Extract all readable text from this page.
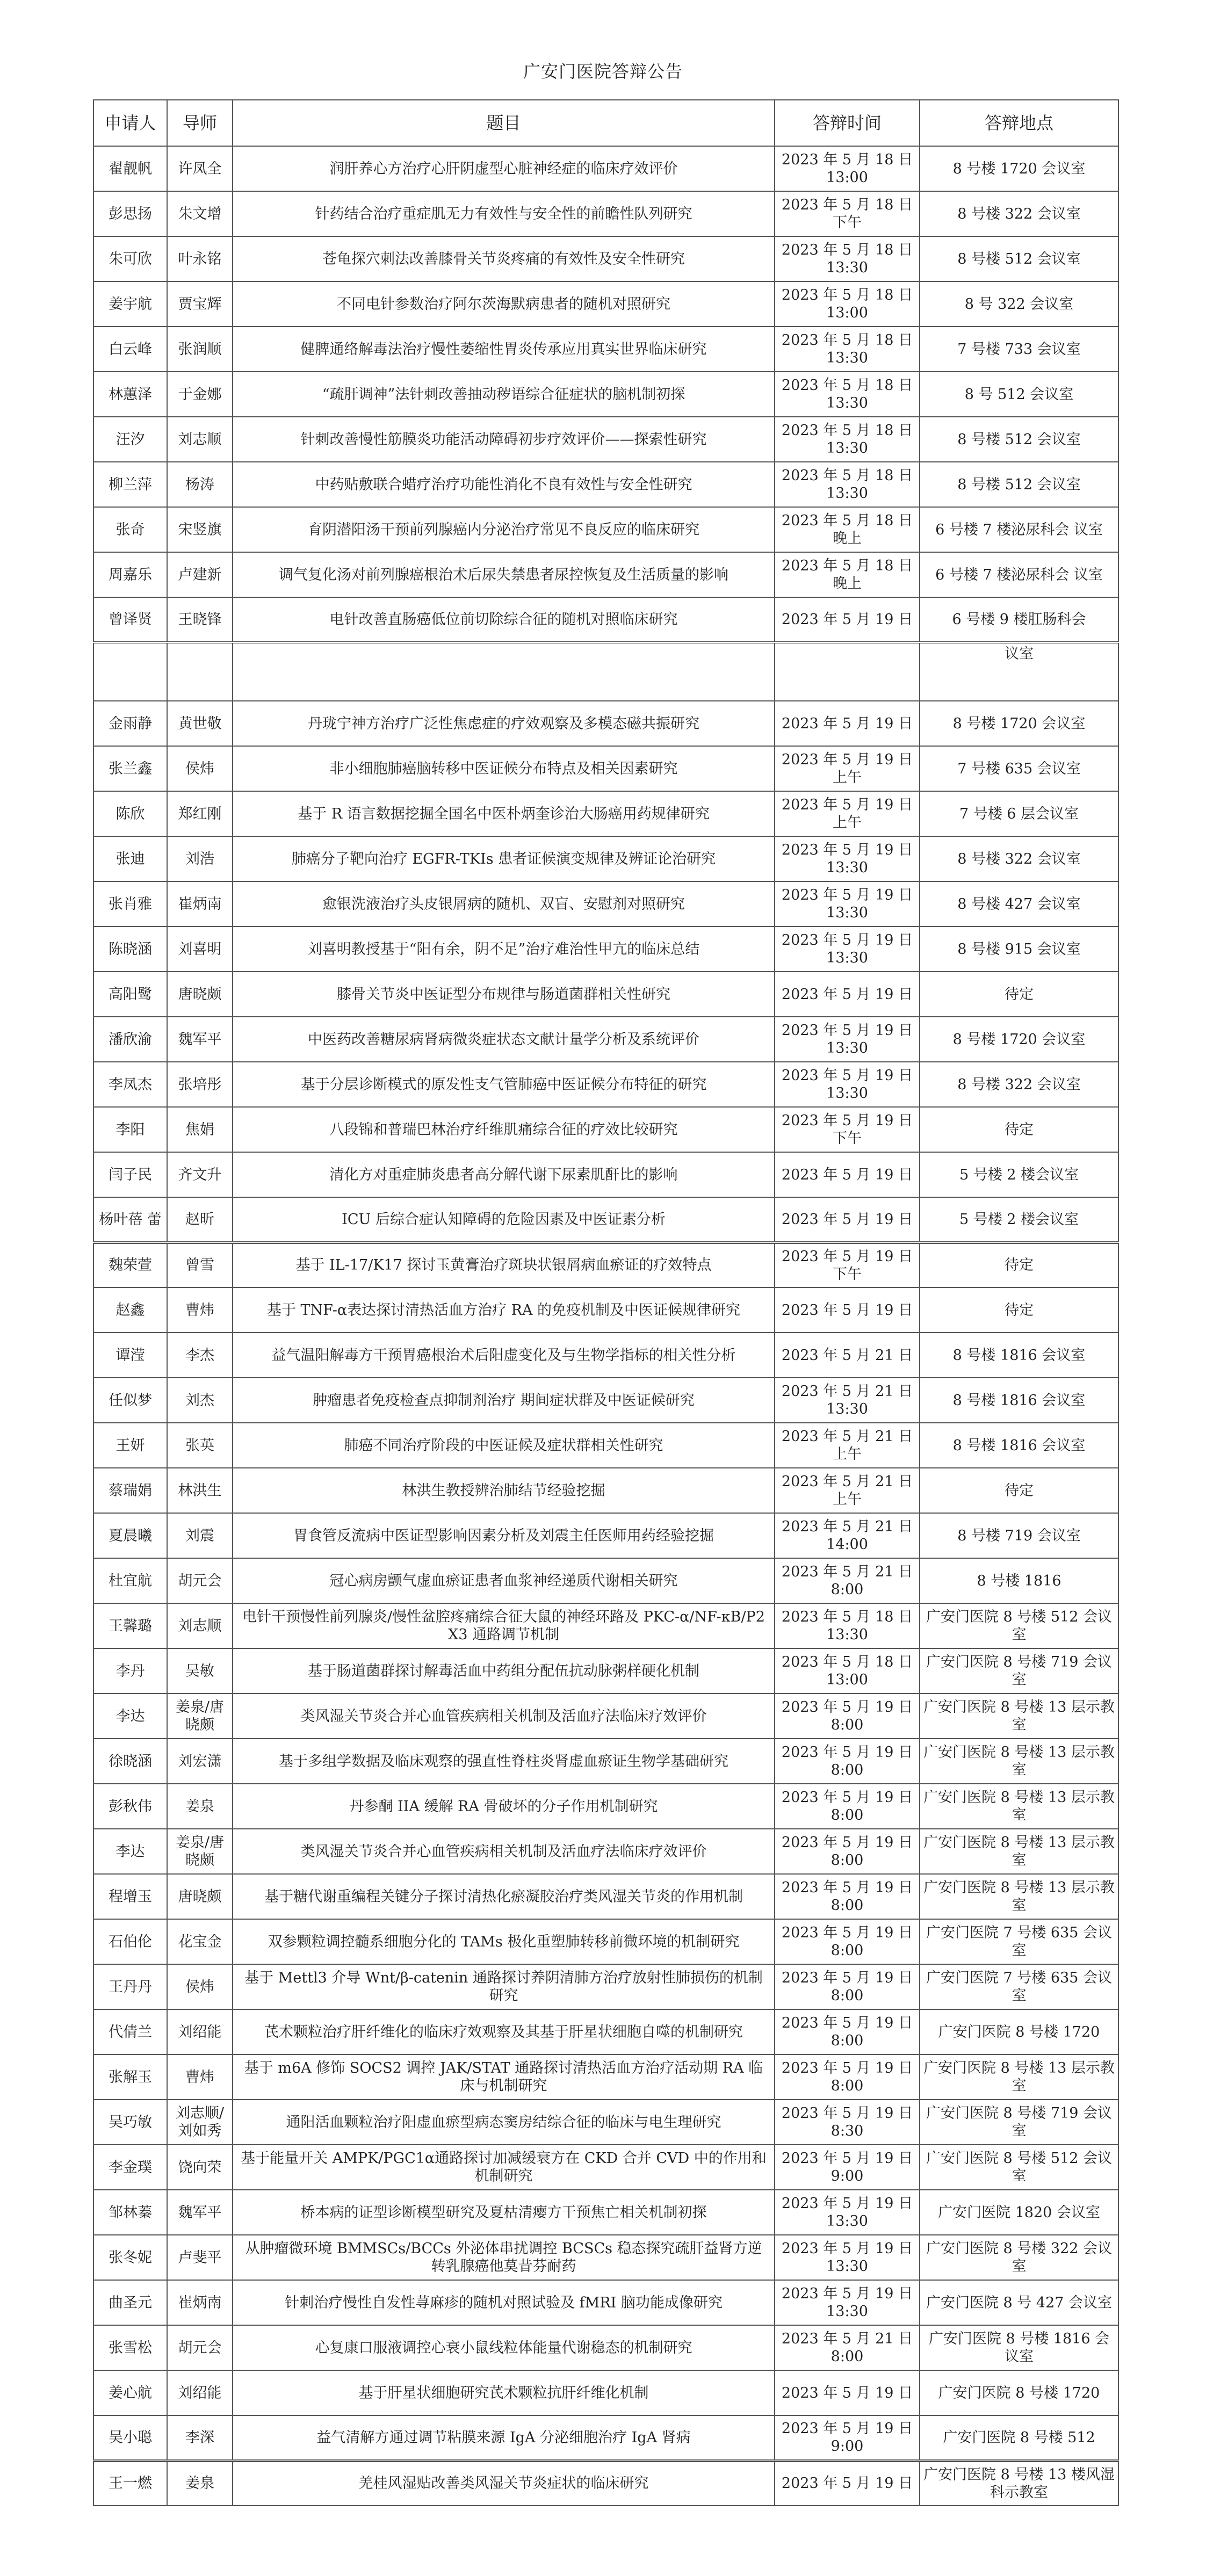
广安门医院答辩公告
申请人	导师	题目	答辩时间	答辩地点
翟靓帆	许凤全	润肝养心方治疗心肝阴虚型心脏神经症的临床疗效评价	2023 年 5 月 18 日 13:00	8 号楼 1720 会议室
彭思扬	朱文增	针药结合治疗重症肌无力有效性与安全性的前瞻性队列研究	2023 年 5 月 18 日 下午	8 号楼 322 会议室
朱可欣	叶永铭	苍龟探穴刺法改善膝骨关节炎疼痛的有效性及安全性研究	2023 年 5 月 18 日 13:30	8 号楼 512 会议室
姜宇航	贾宝辉	不同电针参数治疗阿尔茨海默病患者的随机对照研究	2023 年 5 月 18 日 13:00	8 号 322 会议室
白云峰	张润顺	健脾通络解毒法治疗慢性萎缩性胃炎传承应用真实世界临床研究	2023 年 5 月 18 日 13:30	7 号楼 733 会议室
林蕙泽	于金娜	“疏肝调神”法针刺改善抽动秽语综合征症状的脑机制初探	2023 年 5 月 18 日 13:30	8 号 512 会议室
汪汐	刘志顺	针刺改善慢性筋膜炎功能活动障碍初步疗效评价——探索性研究	2023 年 5 月 18 日 13:30	8 号楼 512 会议室
柳兰萍	杨涛	中药贴敷联合蜡疗治疗功能性消化不良有效性与安全性研究	2023 年 5 月 18 日 13:30	8 号楼 512 会议室
张奇	宋竖旗	育阴潜阳汤干预前列腺癌内分泌治疗常见不良反应的临床研究	2023 年 5 月 18 日 晚上	6 号楼 7 楼泌尿科会 议室
周嘉乐	卢建新	调气复化汤对前列腺癌根治术后尿失禁患者尿控恢复及生活质量的影响	2023 年 5 月 18 日 晚上	6 号楼 7 楼泌尿科会 议室
曾译贤	王晓锋	电针改善直肠癌低位前切除综合征的随机对照临床研究	2023 年 5 月 19 日	6 号楼 9 楼肛肠科会
				议室
金雨静	黄世敬	丹珑宁神方治疗广泛性焦虑症的疗效观察及多模态磁共振研究	2023 年 5 月 19 日	8 号楼 1720 会议室
张兰鑫	侯炜	非小细胞肺癌脑转移中医证候分布特点及相关因素研究	2023 年 5 月 19 日 上午	7 号楼 635 会议室
陈欣	郑红刚	基于 R 语言数据挖掘全国名中医朴炳奎诊治大肠癌用药规律研究	2023 年 5 月 19 日 上午	7 号楼 6 层会议室
张迪	刘浩	肺癌分子靶向治疗 EGFR-TKIs 患者证候演变规律及辨证论治研究	2023 年 5 月 19 日 13:30	8 号楼 322 会议室
张肖雅	崔炳南	愈银洗液治疗头皮银屑病的随机、双盲、安慰剂对照研究	2023 年 5 月 19 日 13:30	8 号楼 427 会议室
陈晓涵	刘喜明	刘喜明教授基于“阳有余，阴不足”治疗难治性甲亢的临床总结	2023 年 5 月 19 日 13:30	8 号楼 915 会议室
高阳鹭	唐晓颇	膝骨关节炎中医证型分布规律与肠道菌群相关性研究	2023 年 5 月 19 日	待定
潘欣渝	魏军平	中医药改善糖尿病肾病微炎症状态文献计量学分析及系统评价	2023 年 5 月 19 日 13:30	8 号楼 1720 会议室
李凤杰	张培彤	基于分层诊断模式的原发性支气管肺癌中医证候分布特征的研究	2023 年 5 月 19 日 13:30	8 号楼 322 会议室
李阳	焦娟	八段锦和普瑞巴林治疗纤维肌痛综合征的疗效比较研究	2023 年 5 月 19 日 下午	待定
闫子民	齐文升	清化方对重症肺炎患者高分解代谢下尿素肌酐比的影响	2023 年 5 月 19 日	5 号楼 2 楼会议室
杨叶蓓 蕾	赵昕	ICU 后综合症认知障碍的危险因素及中医证素分析	2023 年 5 月 19 日	5 号楼 2 楼会议室
魏荣萱	曾雪	基于 IL-17/K17 探讨玉黄膏治疗斑块状银屑病血瘀证的疗效特点	2023 年 5 月 19 日 下午	待定
赵鑫	曹炜	基于 TNF-α表达探讨清热活血方治疗 RA 的免疫机制及中医证候规律研究	2023 年 5 月 19 日	待定
谭滢	李杰	益气温阳解毒方干预胃癌根治术后阳虚变化及与生物学指标的相关性分析	2023 年 5 月 21 日	8 号楼 1816 会议室
任似梦	刘杰	肿瘤患者免疫检查点抑制剂治疗 期间症状群及中医证候研究	2023 年 5 月 21 日 13:30	8 号楼 1816 会议室
王妍	张英	肺癌不同治疗阶段的中医证候及症状群相关性研究	2023 年 5 月 21 日 上午	8 号楼 1816 会议室
蔡瑞娟	林洪生	林洪生教授辨治肺结节经验挖掘	2023 年 5 月 21 日 上午	待定
夏晨曦	刘震	胃食管反流病中医证型影响因素分析及刘震主任医师用药经验挖掘	2023 年 5 月 21 日 14:00	8 号楼 719 会议室
杜宜航	胡元会	冠心病房颤气虚血瘀证患者血浆神经递质代谢相关研究	2023 年 5 月 21 日 8:00	8 号楼 1816
王馨璐	刘志顺	电针干预慢性前列腺炎/慢性盆腔疼痛综合征大鼠的神经环路及 PKC-α/NF-κB/P2X3 通路调节机制	2023 年 5 月 18 日 13:30	广安门医院 8 号楼 512 会议室
李丹	吴敏	基于肠道菌群探讨解毒活血中药组分配伍抗动脉粥样硬化机制	2023 年 5 月 18 日 13:00	广安门医院 8 号楼 719 会议室
李达	姜泉/唐晓颇	类风湿关节炎合并心血管疾病相关机制及活血疗法临床疗效评价	2023 年 5 月 19 日 8:00	广安门医院 8 号楼 13 层示教室
徐晓涵	刘宏潇	基于多组学数据及临床观察的强直性脊柱炎肾虚血瘀证生物学基础研究	2023 年 5 月 19 日 8:00	广安门医院 8 号楼 13 层示教室
彭秋伟	姜泉	丹参酮 IIA 缓解 RA 骨破坏的分子作用机制研究	2023 年 5 月 19 日 8:00	广安门医院 8 号楼 13 层示教室
李达	姜泉/唐晓颇	类风湿关节炎合并心血管疾病相关机制及活血疗法临床疗效评价	2023 年 5 月 19 日 8:00	广安门医院 8 号楼 13 层示教室
程增玉	唐晓颇	基于糖代谢重编程关键分子探讨清热化瘀凝胶治疗类风湿关节炎的作用机制	2023 年 5 月 19 日 8:00	广安门医院 8 号楼 13 层示教室
石伯伦	花宝金	双参颗粒调控髓系细胞分化的 TAMs 极化重塑肺转移前微环境的机制研究	2023 年 5 月 19 日 8:00	广安门医院 7 号楼 635 会议室
王丹丹	侯炜	基于 Mettl3 介导 Wnt/β-catenin 通路探讨养阴清肺方治疗放射性肺损伤的机制研究	2023 年 5 月 19 日 8:00	广安门医院 7 号楼 635 会议室
代倩兰	刘绍能	芪术颗粒治疗肝纤维化的临床疗效观察及其基于肝星状细胞自噬的机制研究	2023 年 5 月 19 日 8:00	广安门医院 8 号楼 1720
张解玉	曹炜	基于 m6A 修饰 SOCS2 调控 JAK/STAT 通路探讨清热活血方治疗活动期 RA 临床与机制研究	2023 年 5 月 19 日 8:00	广安门医院 8 号楼 13 层示教室
吴巧敏	刘志顺/刘如秀	通阳活血颗粒治疗阳虚血瘀型病态窦房结综合征的临床与电生理研究	2023 年 5 月 19 日 8:30	广安门医院 8 号楼 719 会议室
李金璞	饶向荣	基于能量开关 AMPK/PGC1α通路探讨加减缓衰方在 CKD 合并 CVD 中的作用和机制研究	2023 年 5 月 19 日 9:00	广安门医院 8 号楼 512 会议室
邹林蓁	魏军平	桥本病的证型诊断模型研究及夏枯清瘿方干预焦亡相关机制初探	2023 年 5 月 19 日 13:30	广安门医院 1820 会议室
张冬妮	卢斐平	从肿瘤微环境 BMMSCs/BCCs 外泌体串扰调控 BCSCs 稳态探究疏肝益肾方逆转乳腺癌他莫昔芬耐药	2023 年 5 月 19 日 13:30	广安门医院 8 号楼 322 会议室
曲圣元	崔炳南	针刺治疗慢性自发性荨麻疹的随机对照试验及 fMRI 脑功能成像研究	2023 年 5 月 19 日 13:30	广安门医院 8 号 427 会议室
张雪松	胡元会	心复康口服液调控心衰小鼠线粒体能量代谢稳态的机制研究	2023 年 5 月 21 日 8:00	广安门医院 8 号楼 1816 会议室
姜心航	刘绍能	基于肝星状细胞研究芪术颗粒抗肝纤维化机制	2023 年 5 月 19 日	广安门医院 8 号楼 1720
吴小聪	李深	益气清解方通过调节粘膜来源 IgA 分泌细胞治疗 IgA 肾病	2023 年 5 月 19 日 9:00	广安门医院 8 号楼 512
王一燃	姜泉	羌桂风湿贴改善类风湿关节炎症状的临床研究	2023 年 5 月 19 日	广安门医院 8 号楼 13 楼风湿科示教室
